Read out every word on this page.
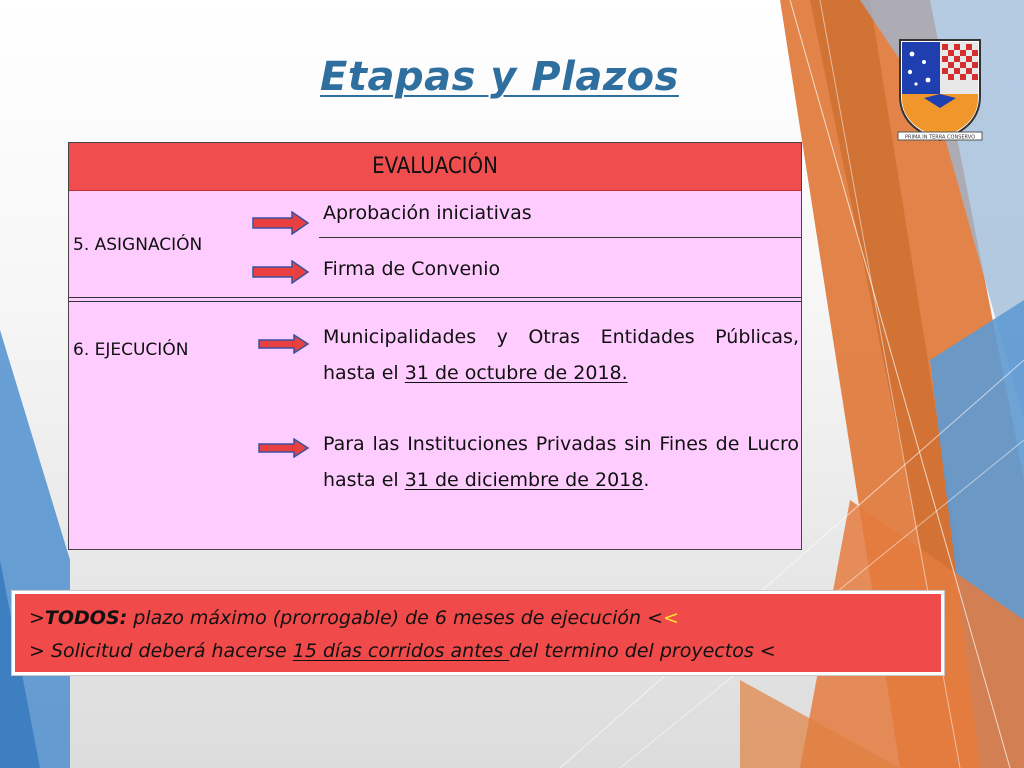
Etapas y Plazos
PRIMA IN TERRA CONSERVO
EVALUACIÓN
5. ASIGNACIÓN
Aprobación iniciativas
Firma de Convenio
6. EJECUCIÓN
Municipalidades y Otras Entidades Públicas, hasta el 31 de octubre de 2018.
Para las Instituciones Privadas sin Fines de Lucro hasta el 31 de diciembre de 2018.
>TODOS: plazo máximo (prorrogable) de 6 meses de ejecución <<
> Solicitud deberá hacerse 15 días corridos antes del termino del proyectos <
